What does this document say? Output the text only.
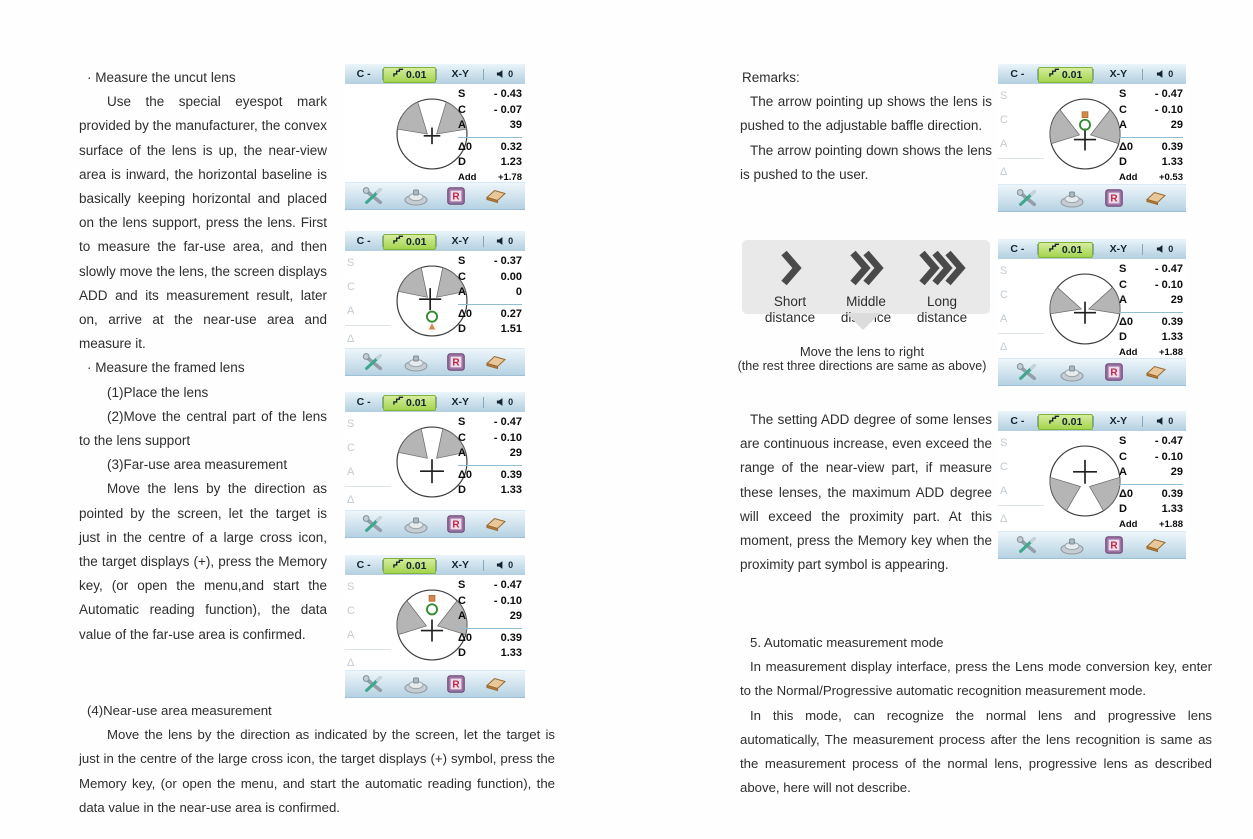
· Measure the uncut lens

Use the special eyespot mark provided by the manufacturer, the convex surface of the lens is up, the near-view area is inward, the horizontal baseline is basically keeping horizontal and placed on the lens support, press the lens. First to measure the far-use area, and then slowly move the lens, the screen displays ADD and its measurement result, later on, arrive at the near-use area and measure it.

· Measure the framed lens

(1)Place the lens

(2)Move the central part of the lens to the lens support

(3)Far-use area measurement

Move the lens by the direction as pointed by the screen, let the target is just in the centre of a large cross icon, the target displays (+), press the Memory key, (or open the menu,and start the Automatic reading function), the data value of the far-use area is confirmed.

(4)Near-use area measurement

Move the lens by the direction as indicated by the screen, let the target is just in the centre of the large cross icon, the target displays (+) symbol, press the Memory key, (or open the menu, and start the automatic reading function), the data value in the near-use area is confirmed.

Remarks:

The arrow pointing up shows the lens is pushed to the adjustable baffle direction.

The arrow pointing down shows the lens is pushed to the user.

Short distance
Middle distance
Long distance

Move the lens to right

(the rest three directions are same as above)

The setting ADD degree of some lenses are continuous increase, even exceed the range of the near-view part, if measure these lenses, the maximum ADD degree will exceed the proximity part. At this moment, press the Memory key when the proximity part symbol is appearing.

5. Automatic measurement mode

In measurement display interface, press the Lens mode conversion key, enter to the Normal/Progressive automatic recognition measurement mode.

In this mode, can recognize the normal lens and progressive lens automatically, The measurement process after the lens recognition is same as the measurement process of the normal lens, progressive lens as described above, here will not describe.

C -	0.01	X-Y	0
S	- 0.43
C	- 0.07
A	39
Δ0	0.32
D	1.23
Add +1.78
R
C -	0.01	X-Y	0
S
C
A
Δ
S	- 0.37
C	0.00
A	0
Δ0	0.27
D	1.51
R
C -	0.01	X-Y	0
S
C
A
Δ
S	- 0.47
C	- 0.10
A	29
Δ0	0.39
D	1.33
R
C -	0.01	X-Y	0
S
C
A
Δ
S	- 0.47
C	- 0.10
A	29
Δ0	0.39
D	1.33
R
C -	0.01	X-Y	0
S
C
A
Δ
S	- 0.47
C	- 0.10
A	29
Δ0	0.39
D	1.33
Add +0.53
R
C -	0.01	X-Y	0
S
C
A
Δ
S	- 0.47
C	- 0.10
A	29
Δ0	0.39
D	1.33
Add +1.88
R
C -	0.01	X-Y	0
S
C
A
Δ
S	- 0.47
C	- 0.10
A	29
Δ0	0.39
D	1.33
Add +1.88
R
